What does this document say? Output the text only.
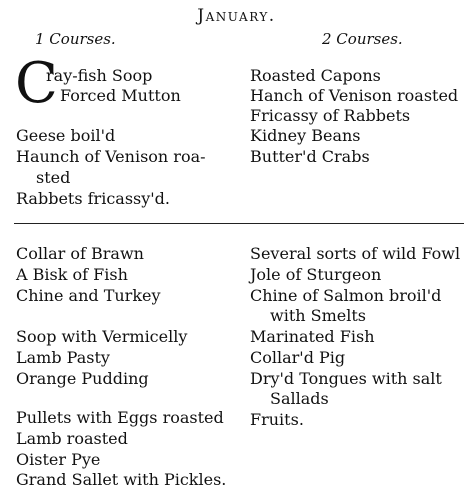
January.
1 Courses.	2 Courses.
C
ray-fish Soop
Forced Mutton
Geese boil'd
Haunch of Venison roa-
sted
Rabbets fricassy'd.
Roasted Capons
Hanch of Venison roasted
Fricassy of Rabbets
Kidney Beans
Butter'd Crabs
Collar of Brawn
A Bisk of Fish
Chine and Turkey
Soop with Vermicelly
Lamb Pasty
Orange Pudding
Pullets with Eggs roasted
Lamb roasted
Oister Pye
Grand Sallet with Pickles.
Several sorts of wild Fowl
Jole of Sturgeon
Chine of Salmon broil'd
with Smelts
Marinated Fish
Collar'd Pig
Dry'd Tongues with salt
Sallads
Fruits.
